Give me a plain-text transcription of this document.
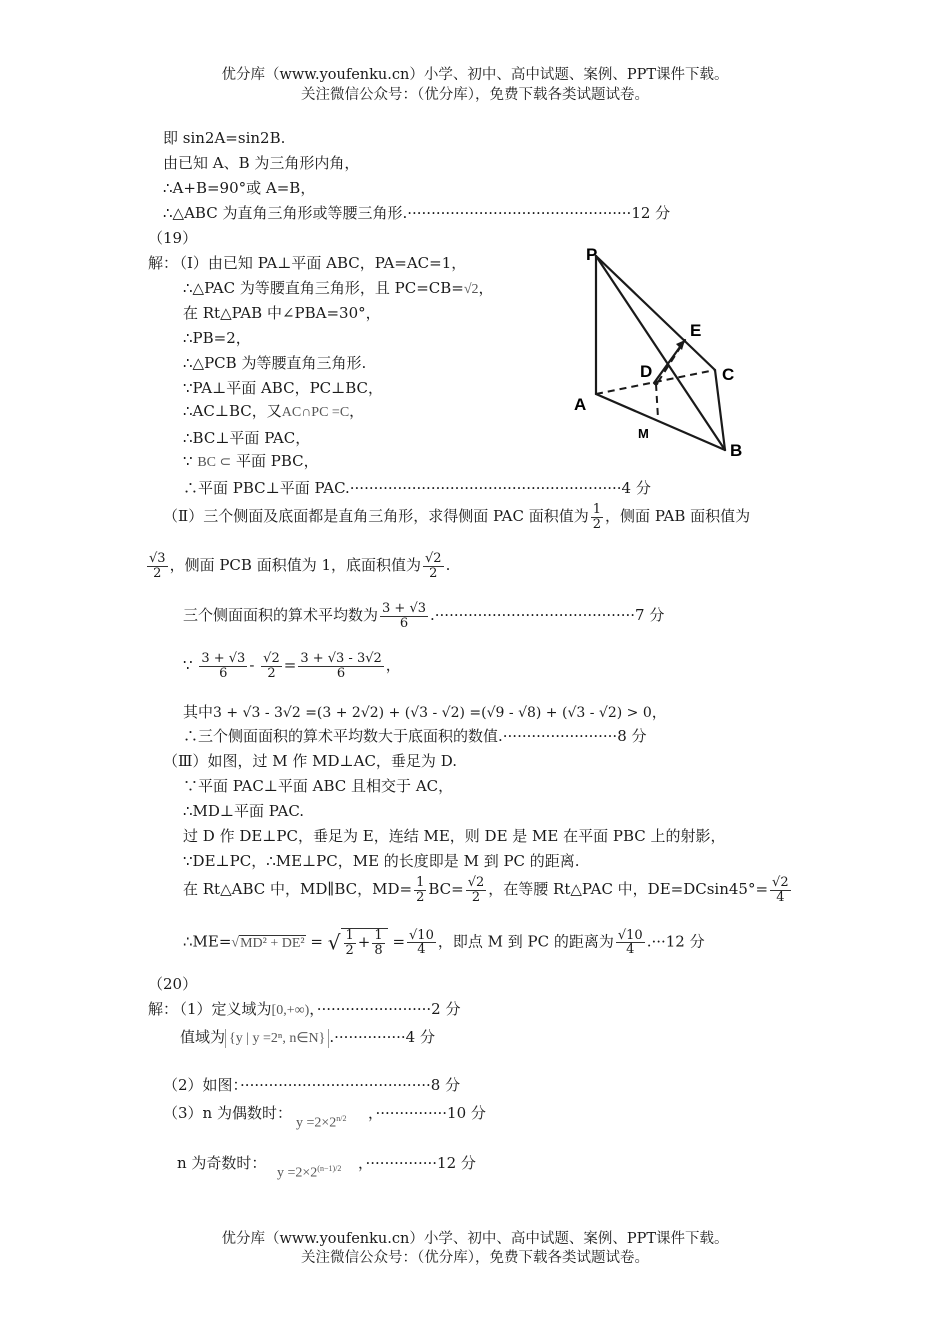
优分库（www.youfenku.cn）小学、初中、高中试题、案例、PPT课件下载。
关注微信公众号：（优分库），免费下载各类试题试卷。
即 sin2A=sin2B.
由已知 A、B 为三角形内角，
∴A+B=90°或 A=B，
∴△ABC 为直角三角形或等腰三角形.···············································12 分
（19）
解：
（Ⅰ）由已知 PA⊥平面 ABC，PA=AC=1，
∴△PAC 为等腰直角三角形，且 PC=CB=√2，
在 Rt△PAB 中∠PBA=30°，
∴PB=2，
∴△PCB 为等腰直角三角形.
∵PA⊥平面 ABC，PC⊥BC，
∴AC⊥BC，又AC∩PC =C，
∴BC⊥平面 PAC，
∵ BC ⊂ 平面 PBC，
∴平面 PBC⊥平面 PAC.·························································4 分
P
E
D	C
A
M
B
（Ⅱ）三个侧面及底面都是直角三角形，求得侧面 PAC 面积值为 $\frac{1}{2}$ ，侧面 PAB 面积值为
$\frac{√3}{2}$ ，侧面 PCB 面积值为 1，底面积值为 $\frac{√2}{2}$ .
三个侧面面积的算术平均数为 $\frac{3 + √3}{6} .\cdot\cdot\cdot\cdot\cdot\cdot\cdot\cdot\cdot\cdot\cdot\cdot\cdot\cdot\cdot\cdot\cdot\cdot\cdot\cdot\cdot\cdot\cdot\cdot\cdot\cdot\cdot\cdot\cdot\cdot\cdot\cdot\cdot\cdot\cdot\cdot\cdot\cdot\cdot\cdot\cdot\cdot 7$ 分
∵ $\frac{3 + √3}{6} - \frac{√2}{2} = \frac{3 + √3 - 3√2}{6}$ ，
其中3 + √3 - 3√2 =(3 + 2√2) + (√3 - √2) =(√9 - √8) + (√3 - √2) > 0，
∴三个侧面面积的算术平均数大于底面积的数值.························8 分
（Ⅲ）如图，过 M 作 MD⊥AC，垂足为 D.
∵平面 PAC⊥平面 ABC 且相交于 AC，
∴MD⊥平面 PAC.
过 D 作 DE⊥PC，垂足为 E，连结 ME，则 DE 是 ME 在平面 PBC 上的射影，
∵DE⊥PC，∴ME⊥PC，ME 的长度即是 M 到 PC 的距离.
在 Rt△ABC 中，MD∥BC，$MD= \frac{1}{2} BC= \frac{√2}{2}$ ，在等腰 Rt△PAC 中，$DE=DCsin45^\circ= \frac{√2}{4}$
∴ME=√MD² + DE² = √ $\frac{1}{2} + \frac{1}{8} = \frac{√10}{4}$ ，即点 M 到 PC 的距离为 $\frac{√10}{4} .\cdot\cdot\cdot 12$ 分
（20）
解：
（1）定义域为[0,+∞)，························2 分
值域为 {y | y =2ⁿ, n∈N} .···············4 分
（2）如图：········································8 分
（3）n 为偶数时：
$y =2\times 2^{n/2}$ ，···············10 分
n 为奇数时：
$y =2\times 2^{(n-1)/2}$ ，···············12 分
优分库（www.youfenku.cn）小学、初中、高中试题、案例、PPT课件下载。
关注微信公众号：（优分库），免费下载各类试题试卷。
